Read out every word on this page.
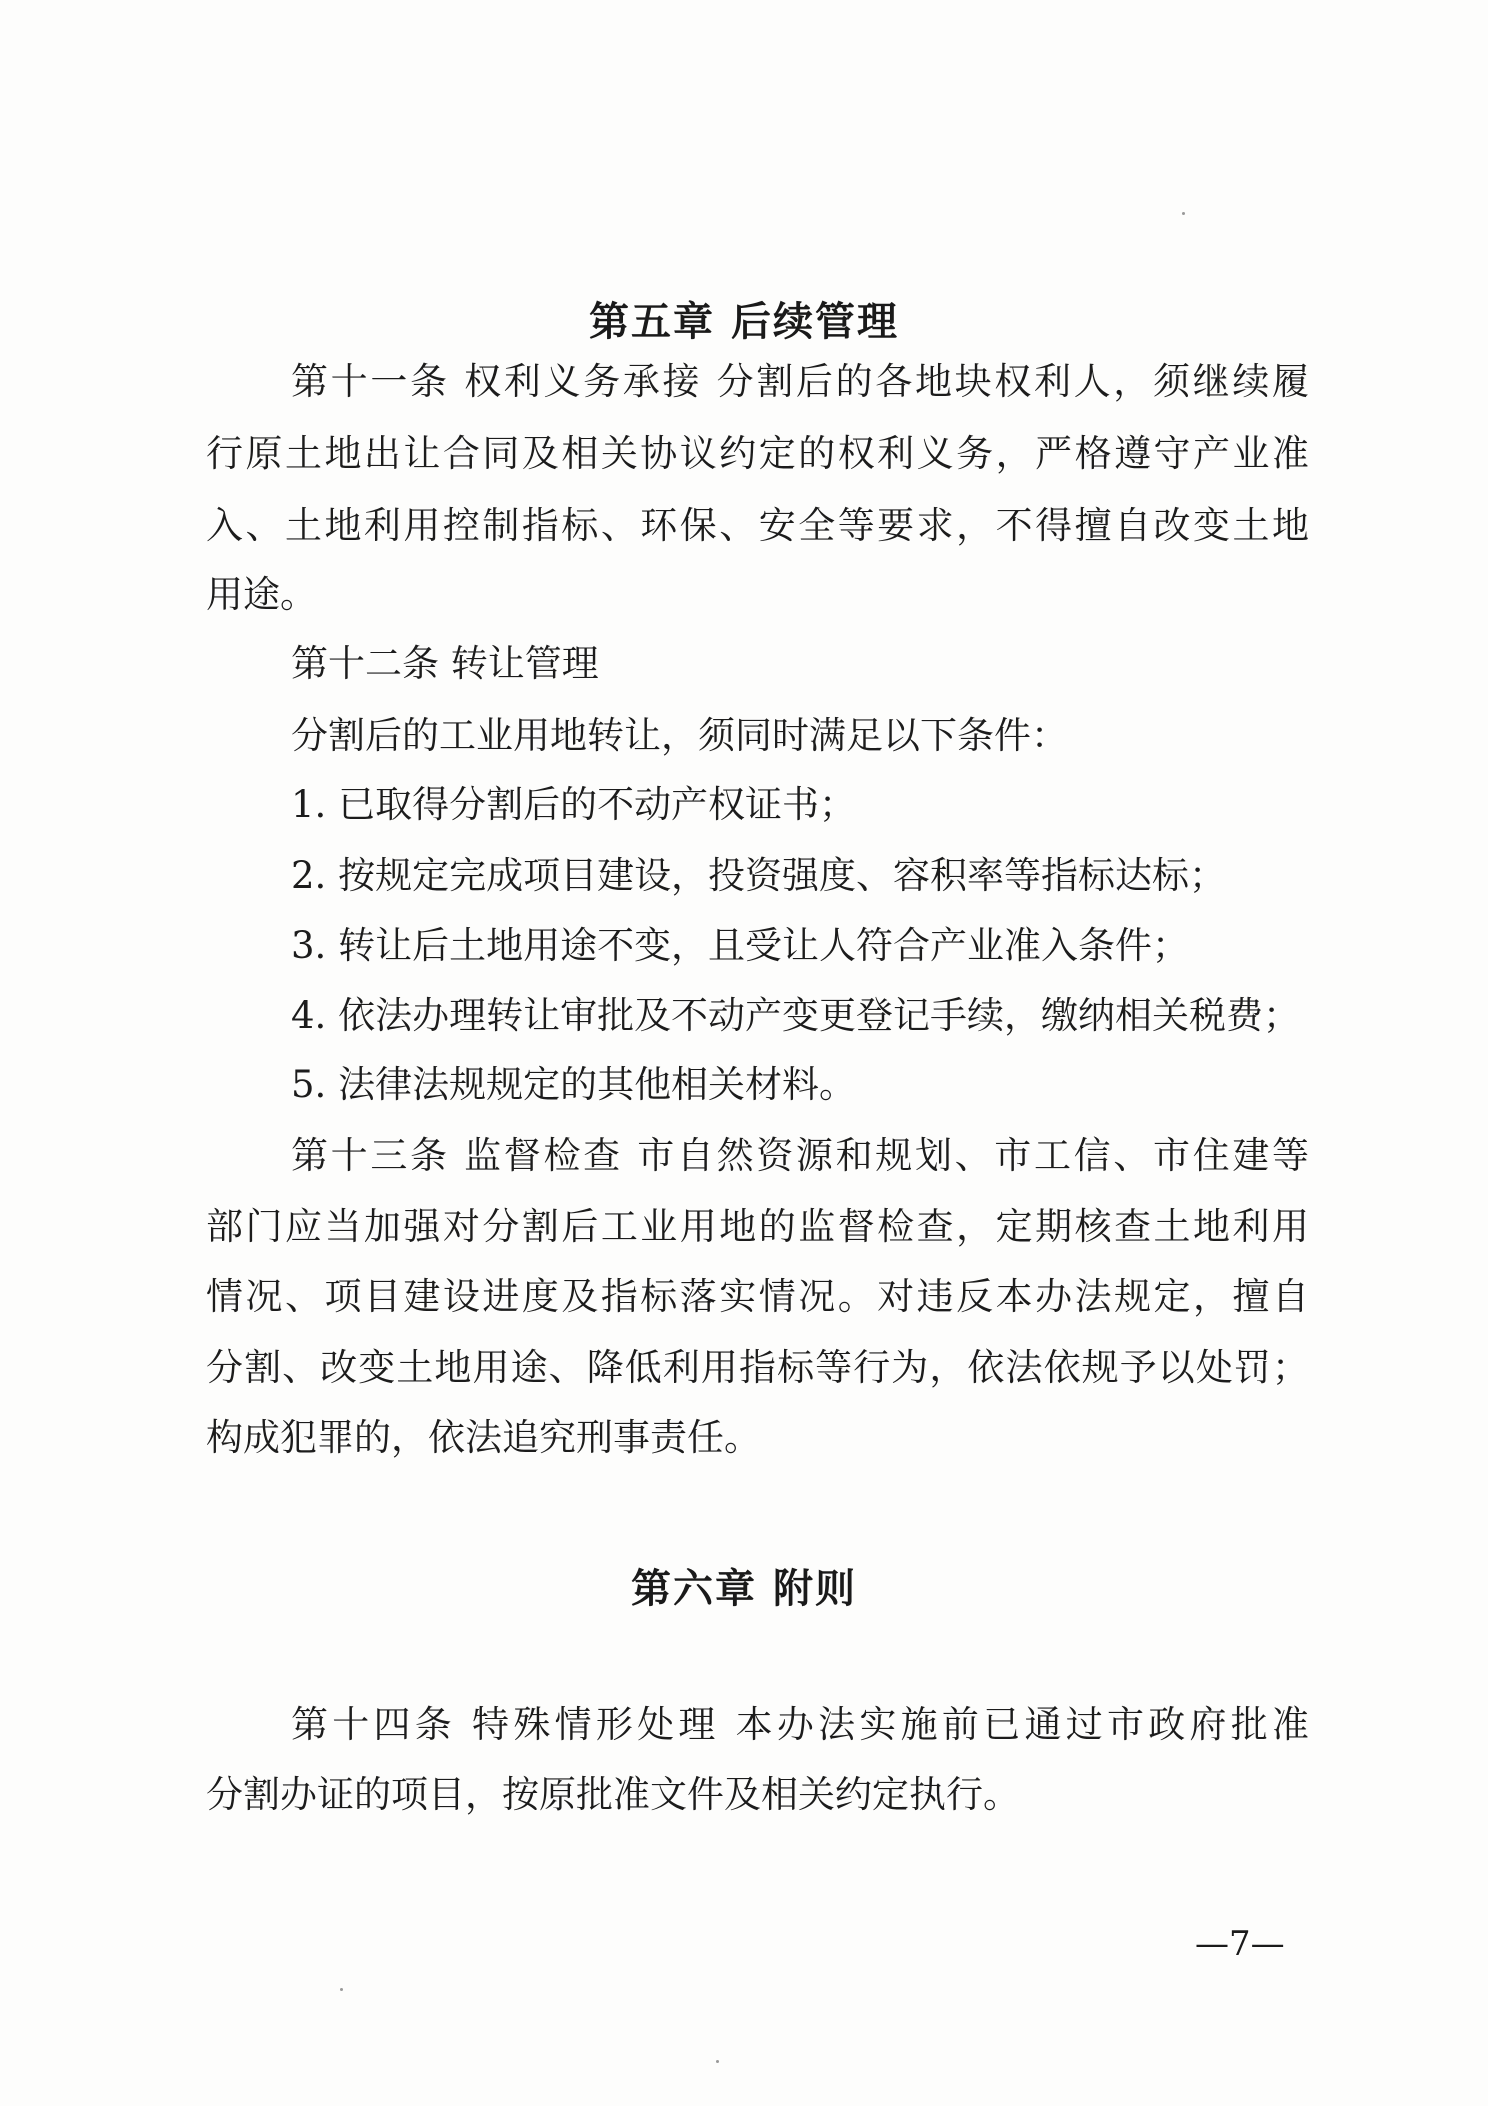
第五章 后续管理
第十一条 权利义务承接 分割后的各地块权利人，须继续履
行原土地出让合同及相关协议约定的权利义务，严格遵守产业准
入、土地利用控制指标、环保、安全等要求，不得擅自改变土地
用途。
第十二条 转让管理
分割后的工业用地转让，须同时满足以下条件：
1. 已取得分割后的不动产权证书；
2. 按规定完成项目建设，投资强度、容积率等指标达标；
3. 转让后土地用途不变，且受让人符合产业准入条件；
4. 依法办理转让审批及不动产变更登记手续，缴纳相关税费；
5. 法律法规规定的其他相关材料。
第十三条 监督检查 市自然资源和规划、市工信、市住建等
部门应当加强对分割后工业用地的监督检查，定期核查土地利用
情况、项目建设进度及指标落实情况。对违反本办法规定，擅自
分割、改变土地用途、降低利用指标等行为，依法依规予以处罚；
构成犯罪的，依法追究刑事责任。
第六章 附则
第十四条 特殊情形处理 本办法实施前已通过市政府批准
分割办证的项目，按原批准文件及相关约定执行。
—7—
